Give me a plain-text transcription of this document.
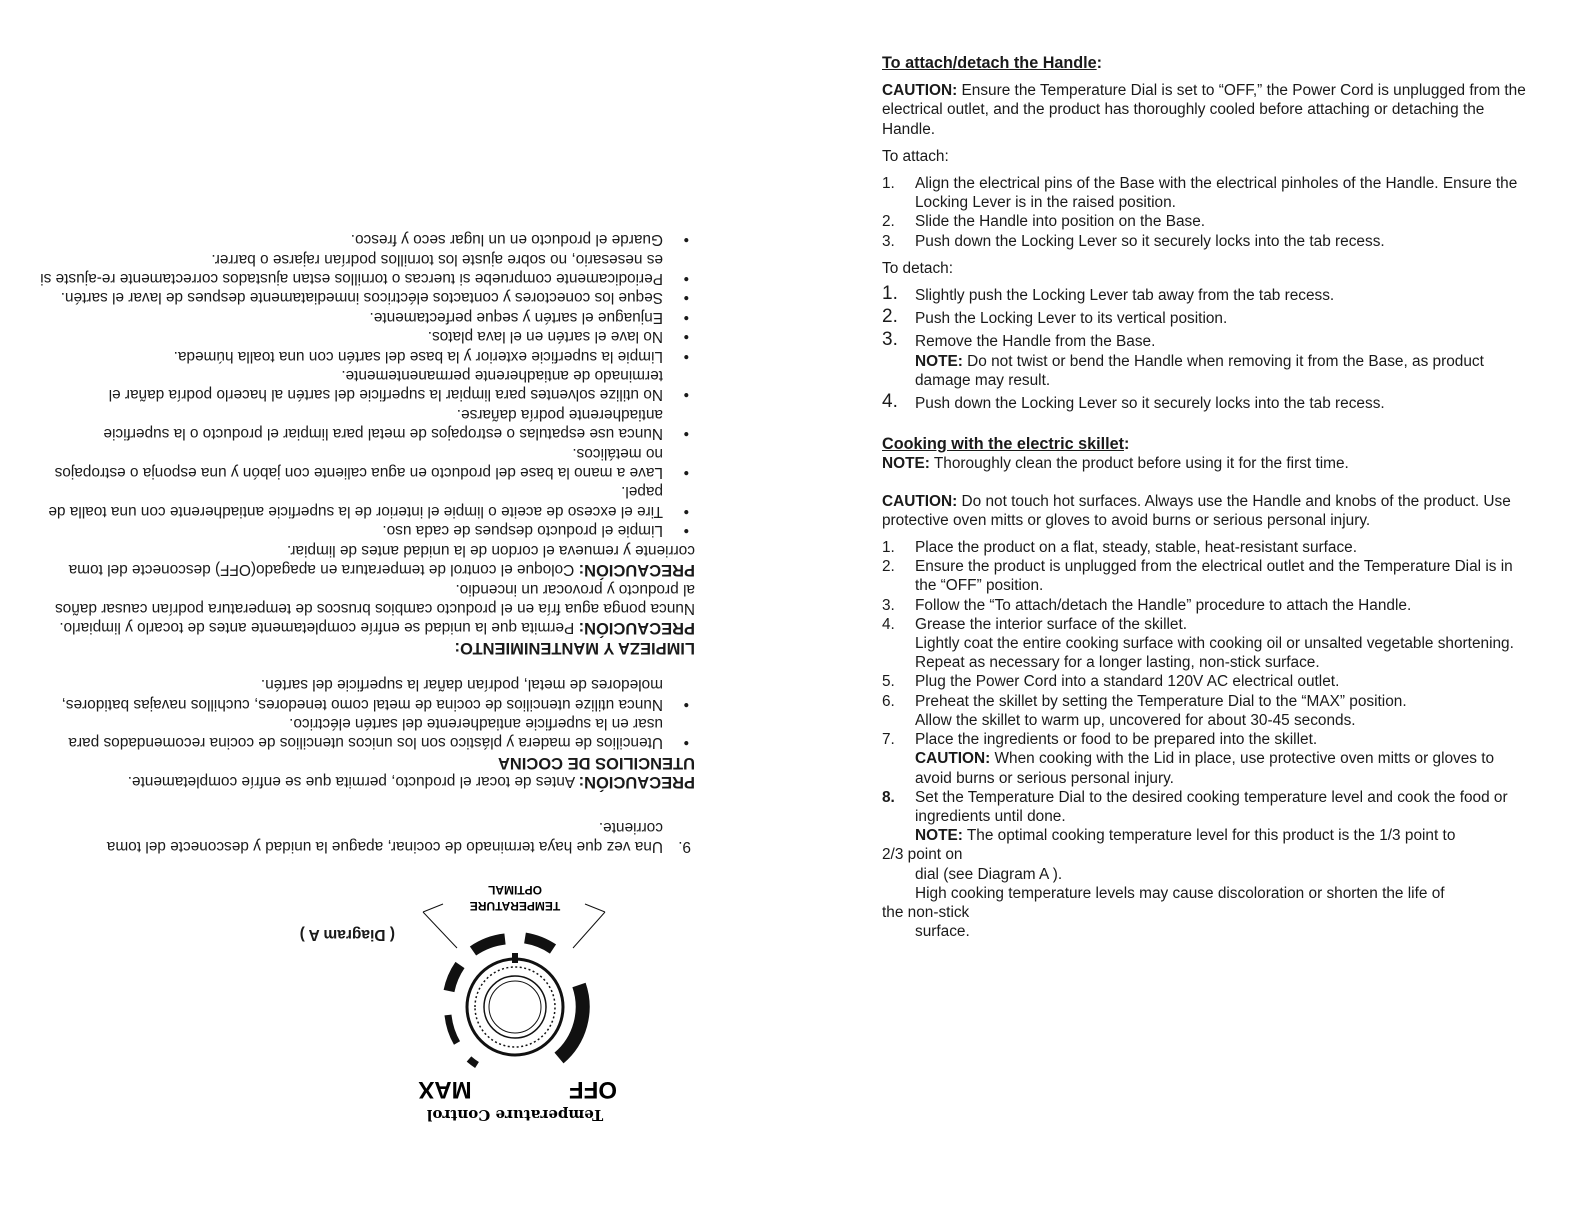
Temperature Control
OFF
MAX
TEMPERATURE
OPTIMAL
( Diagram A )
9.
Una vez que haya terminado de cocinar, apague la unidad y desconecte del toma corriente.

PRECAUCIÓN: Antes de tocar el producto, permita que se enfríe completamente.

UTENCILIOS DE COCINA

• Utencilios de madera y plástico son los unicos utencilios de cocina recomendados para usar en la superficie antiadherente del sartén eléctrico.
• Nunca utilize utencilios de cocina de metal como tenedores, cuchillos navajas batidores, moledores de metal, podrían dañar la superficie del sartén.

LIMPIEZA Y MANTENIMIENTO:

PRECAUCIÓN: Permita que la unidad se enfríe completamente antes de tocarlo y limpiarlo. Nunca ponga agua fría en el producto cambios bruscos de temperatura podrían causar daños al producto y provocar un incendio.

PRECAUCIÓN: Coloque el control de temperatura en apagado(OFF) desconecte del toma corriente y remueva el cordon de la unidad antes de limpiar.

• Limpie el producto despues de cada uso.
• Tire el exceso de aceite o limpie el interior de la superficie antiadherente con una toalla de papel.
• Lave a mano la base del producto en agua caliente con jabón y una esponja o estropajos no metálicos.
• Nunca use espatulas o estropajos de metal para limpiar el producto o la superficie antiadherente podría dañarse.
• No utilize solventes para limpiar la superficie del sartén al hacerlo podría dañar el terminado de antiadherente permanentemente.
• Limpie la superficie exterior y la base del sartén con una toalla húmeda.
• No lave el sartén en el lava platos.
• Enjuague el sartén y seque perfectamente.
• Seque los conectores y contactos eléctricos inmediatamente despues de lavar el sartén.
• Periodicamente compruebe si tuercas o tornillos estan ajustados correctamente re-ajuste si es nesesario, no sobre ajuste los tornillos podrían rajarse o barrer.
• Guarde el producto en un lugar seco y fresco.

To attach/detach the Handle:

CAUTION: Ensure the Temperature Dial is set to “OFF,” the Power Cord is unplugged from the electrical outlet, and the product has thoroughly cooled before attaching or detaching the Handle.

To attach:

1. Align the electrical pins of the Base with the electrical pinholes of the Handle. Ensure the Locking Lever is in the raised position.
2. Slide the Handle into position on the Base.
3. Push down the Locking Lever so it securely locks into the tab recess.

To detach:

1. Slightly push the Locking Lever tab away from the tab recess.
2. Push the Locking Lever to its vertical position.
3. Remove the Handle from the Base.
NOTE: Do not twist or bend the Handle when removing it from the Base, as product damage may result.
4. Push down the Locking Lever so it securely locks into the tab recess.

Cooking with the electric skillet:

NOTE: Thoroughly clean the product before using it for the first time.

CAUTION: Do not touch hot surfaces. Always use the Handle and knobs of the product. Use protective oven mitts or gloves to avoid burns or serious personal injury.

1. Place the product on a flat, steady, stable, heat-resistant surface.
2. Ensure the product is unplugged from the electrical outlet and the Temperature Dial is in the “OFF” position.
3. Follow the “To attach/detach the Handle” procedure to attach the Handle.
4. Grease the interior surface of the skillet.
Lightly coat the entire cooking surface with cooking oil or unsalted vegetable shortening. Repeat as necessary for a longer lasting, non-stick surface.
5. Plug the Power Cord into a standard 120V AC electrical outlet.
6. Preheat the skillet by setting the Temperature Dial to the “MAX” position.
Allow the skillet to warm up, uncovered for about 30-45 seconds.
7. Place the ingredients or food to be prepared into the skillet.
CAUTION: When cooking with the Lid in place, use protective oven mitts or gloves to avoid burns or serious personal injury.
8. Set the Temperature Dial to the desired cooking temperature level and cook the food or ingredients until done.

NOTE: The optimal cooking temperature level for this product is the 1/3 point to

2/3 point on

dial (see Diagram A ).

High cooking temperature levels may cause discoloration or shorten the life of

the non-stick

surface.
